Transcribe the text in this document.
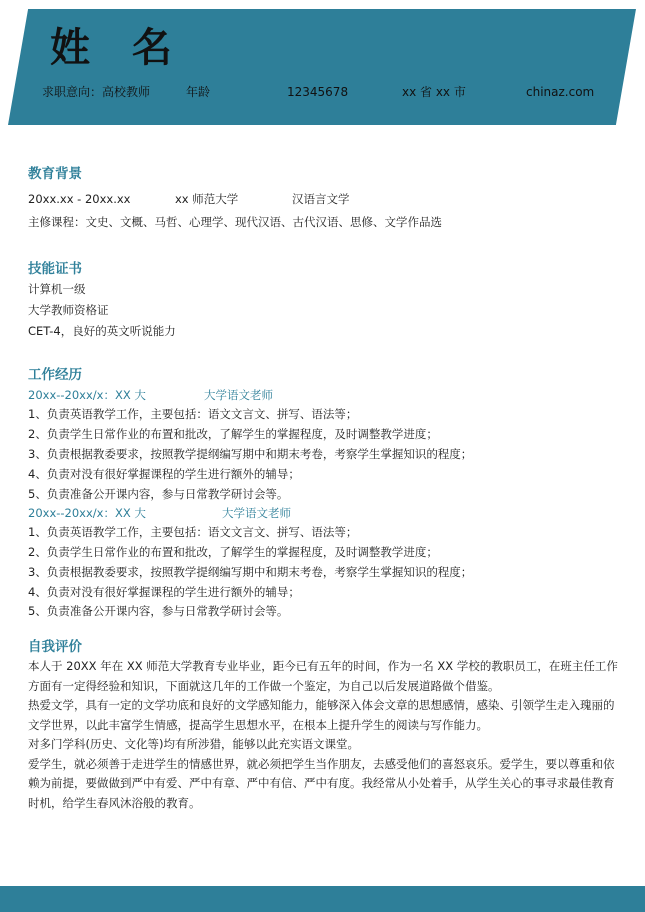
姓 名
求职意向：高校教师	年龄	12345678	xx 省 xx 市	chinaz.com
教育背景
20xx.xx - 20xx.xx	xx 师范大学	汉语言文学
主修课程：文史、文概、马哲、心理学、现代汉语、古代汉语、思修、文学作品选
技能证书
计算机一级
大学教师资格证
CET-4，良好的英文听说能力
工作经历
20xx--20xx/x：XX 大	大学语文老师
1、负责英语教学工作，主要包括：语文文言文、拼写、语法等；
2、负责学生日常作业的布置和批改，了解学生的掌握程度，及时调整教学进度；
3、负责根据教委要求，按照教学提纲编写期中和期末考卷，考察学生掌握知识的程度；
4、负责对没有很好掌握课程的学生进行额外的辅导；
5、负责准备公开课内容，参与日常教学研讨会等。
20xx--20xx/x：XX 大	大学语文老师
1、负责英语教学工作，主要包括：语文文言文、拼写、语法等；
2、负责学生日常作业的布置和批改，了解学生的掌握程度，及时调整教学进度；
3、负责根据教委要求，按照教学提纲编写期中和期末考卷，考察学生掌握知识的程度；
4、负责对没有很好掌握课程的学生进行额外的辅导；
5、负责准备公开课内容，参与日常教学研讨会等。
自我评价

本人于 20XX 年在 XX 师范大学教育专业毕业，距今已有五年的时间，作为一名 XX 学校的教职员工，在班主任工作方面有一定得经验和知识，下面就这几年的工作做一个鉴定，为自己以后发展道路做个借鉴。

热爱文学，具有一定的文学功底和良好的文学感知能力，能够深入体会文章的思想感情，感染、引领学生走入瑰丽的文学世界，以此丰富学生情感，提高学生思想水平，在根本上提升学生的阅读与写作能力。

对多门学科(历史、文化等)均有所涉猎，能够以此充实语文课堂。

爱学生，就必须善于走进学生的情感世界，就必须把学生当作朋友，去感受他们的喜怒哀乐。爱学生，要以尊重和依赖为前提，要做做到严中有爱、严中有章、严中有信、严中有度。我经常从小处着手，从学生关心的事寻求最佳教育时机，给学生春风沐浴般的教育。
